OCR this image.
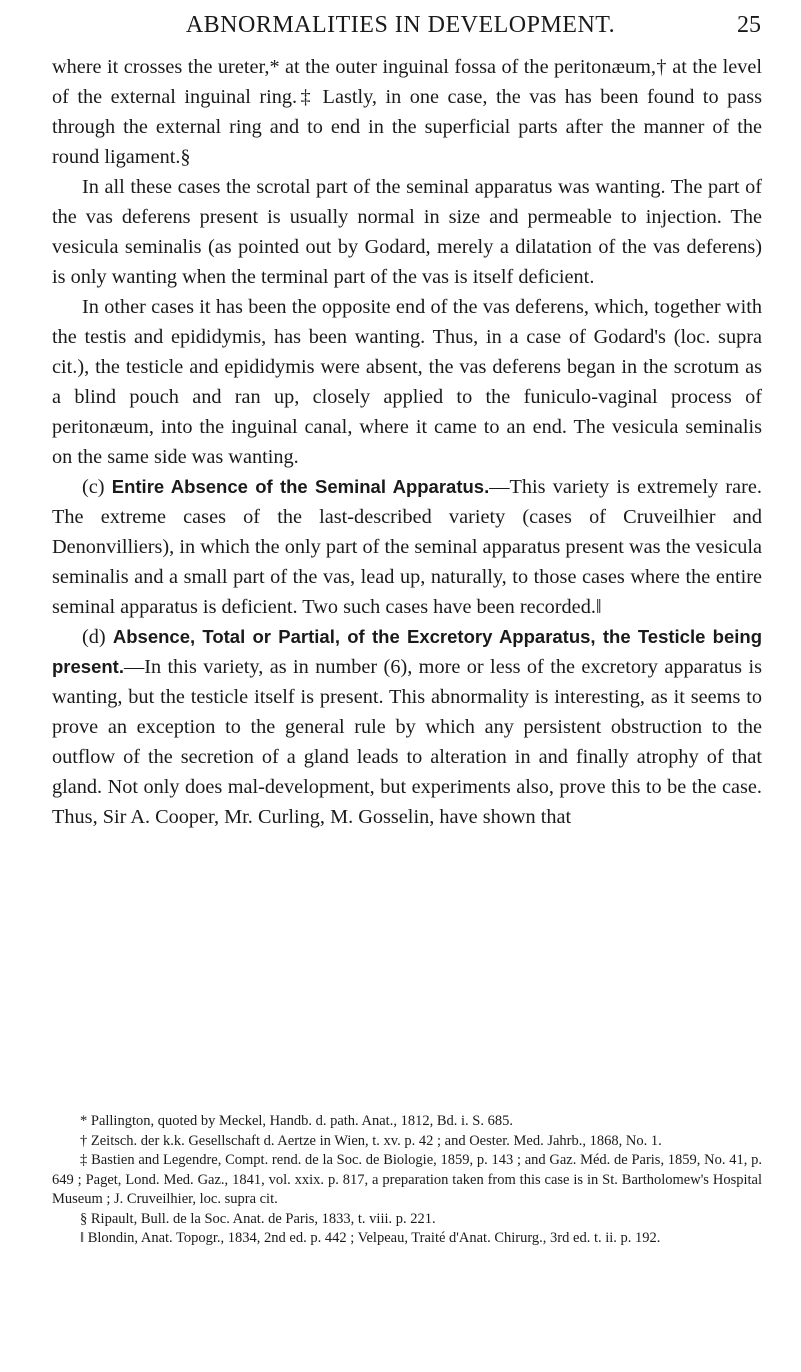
ABNORMALITIES IN DEVELOPMENT.	25

where it crosses the ureter,* at the outer inguinal fossa of the peritonæum,† at the level of the external inguinal ring.‡ Lastly, in one case, the vas has been found to pass through the external ring and to end in the superficial parts after the manner of the round ligament.§

In all these cases the scrotal part of the seminal apparatus was wanting. The part of the vas deferens present is usually normal in size and permeable to injection. The vesicula seminalis (as pointed out by Godard, merely a dilatation of the vas deferens) is only wanting when the terminal part of the vas is itself deficient.

In other cases it has been the opposite end of the vas deferens, which, together with the testis and epididymis, has been wanting. Thus, in a case of Godard's (loc. supra cit.), the testicle and epididymis were absent, the vas deferens began in the scrotum as a blind pouch and ran up, closely applied to the funiculo-vaginal process of peritonæum, into the inguinal canal, where it came to an end. The vesicula seminalis on the same side was wanting.

(c) Entire Absence of the Seminal Apparatus.—This variety is extremely rare. The extreme cases of the last-described variety (cases of Cruveilhier and Denonvilliers), in which the only part of the seminal apparatus present was the vesicula seminalis and a small part of the vas, lead up, naturally, to those cases where the entire seminal apparatus is deficient. Two such cases have been recorded.‖

(d) Absence, Total or Partial, of the Excretory Apparatus, the Testicle being present.—In this variety, as in number (6), more or less of the excretory apparatus is wanting, but the testicle itself is present. This abnormality is interesting, as it seems to prove an exception to the general rule by which any persistent obstruction to the outflow of the secretion of a gland leads to alteration in and finally atrophy of that gland. Not only does mal-development, but experiments also, prove this to be the case. Thus, Sir A. Cooper, Mr. Curling, M. Gosselin, have shown that

* Pallington, quoted by Meckel, Handb. d. path. Anat., 1812, Bd. i. S. 685.

† Zeitsch. der k.k. Gesellschaft d. Aertze in Wien, t. xv. p. 42 ; and Oester. Med. Jahrb., 1868, No. 1.

‡ Bastien and Legendre, Compt. rend. de la Soc. de Biologie, 1859, p. 143 ; and Gaz. Méd. de Paris, 1859, No. 41, p. 649 ; Paget, Lond. Med. Gaz., 1841, vol. xxix. p. 817, a preparation taken from this case is in St. Bartholomew's Hospital Museum ; J. Cruveilhier, loc. supra cit.

§ Ripault, Bull. de la Soc. Anat. de Paris, 1833, t. viii. p. 221.

‖ Blondin, Anat. Topogr., 1834, 2nd ed. p. 442 ; Velpeau, Traité d'Anat. Chirurg., 3rd ed. t. ii. p. 192.
